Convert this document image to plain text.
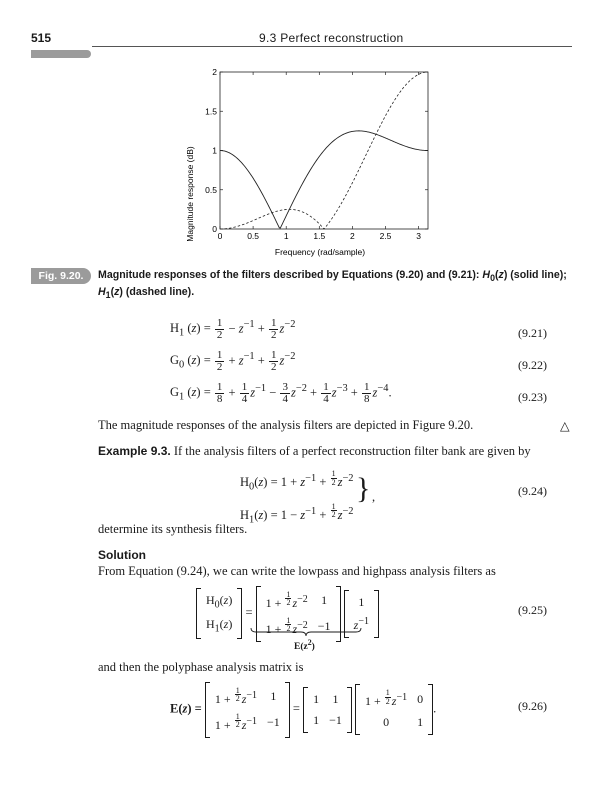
515	9.3 Perfect reconstruction
0	0.5	1	1.5	2	2.5	3
0
0.5
1
1.5
2
Frequency (rad/sample)
Magnitude response (dB)
Fig. 9.20.	Magnitude responses of the filters described by Equations (9.20) and (9.21): $H_0(z)$ (solid line); $H_1(z)$ (dashed line).
$H_1$ $(z) = \frac{1}{2} - z^{-1} + \frac{1}{2} z^{-2}$
(9.21)
$G_0$ $(z) = \frac{1}{2} + z^{-1} + \frac{1}{2} z^{-2}$
(9.22)
$G_1$ $(z) = \frac{1}{8} + \frac{1}{4} z^{-1} - \frac{3}{4} z^{-2} + \frac{1}{4} z^{-3} + \frac{1}{8} z^{-4}$.	(9.23)
The magnitude responses of the analysis filters are depicted in Figure 9.20.	△
Example 9.3. If the analysis filters of a perfect reconstruction filter bank are given by
$H_0(z) = 1 + z^{-1} + \frac{1}{2} z^{-2}$
$H_1(z) = 1 - z^{-1} + \frac{1}{2} z^{-2}$
} ,	(9.24)
determine its synthesis filters.
Solution
From Equation (9.24), we can write the lowpass and highpass analysis filters as
$H_0(z)$
$H_1(z)$
=
$1 + \frac{1}{2} z^{-2}$	1
$1 + \frac{1}{2} z^{-2}$	−1

1
$z^{-1}$
$E(z^2)$
(9.25)
and then the polyphase analysis matrix is
E(z) =
$1 + \frac{1}{2} z^{-1}$	1
$1 + \frac{1}{2} z^{-1}$	−1
=
1	1
1	−1

$1 + \frac{1}{2} z^{-1}$	0
0	1
.	(9.26)
